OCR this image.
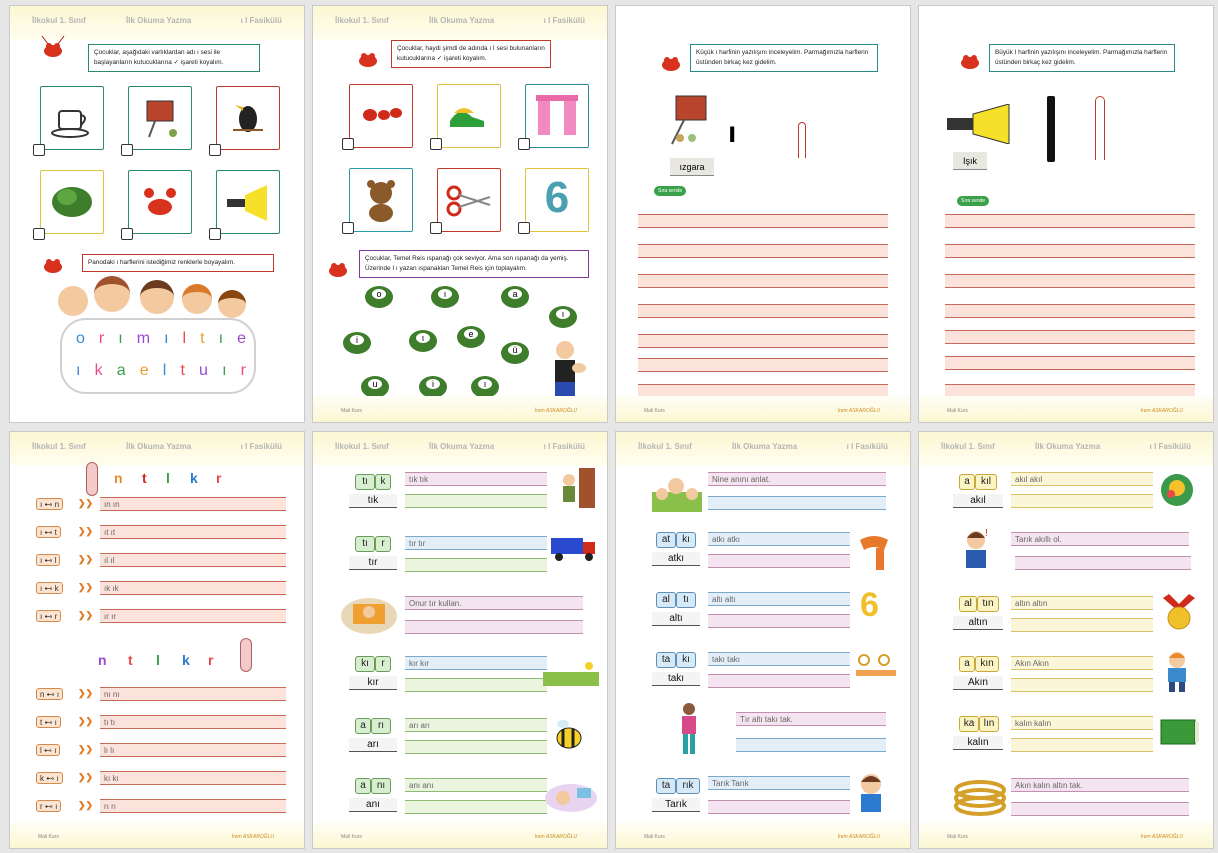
İlkokul 1. Sınıf	İlk Okuma Yazma	ı I Fasikülü
Çocuklar, aşağıdaki varlıklardan adı ı sesi ile başlayanların kutucuklarına ✓ işareti koyalım.
Panodaki ı harflerini istediğimiz renklerle boyayalım.
o r ı m ı l t ı e
ı k a e l t u ı r
İlkokul 1. Sınıf	İlk Okuma Yazma	ı I Fasikülü
Çocuklar, haydi şimdi de adında ı I sesi bulunanların kutucuklarına ✓ işareti koyalım.
6
Çocuklar, Temel Reis ıspanağı çok seviyor. Ama son ıspanağı da yemiş. Üzerinde I ı yazan ıspanakları Temel Reis için toplayalım.
o	ı	a
ı
i	ı	e
ü
u	i	ı
Mali Kurs	İrem ASKAROĞLU
Küçük ı harfinin yazılışını inceleyelim. Parmağımızla harflerin üstünden birkaç kez gidelim.
ızgara
ı
Sıra sende
Mali Kurs	İrem ASKAROĞLU
Büyük I harfinin yazılışını inceleyelim. Parmağımızla harflerin üstünden birkaç kez gidelim.
Işık
Sıra sende
Mali Kurs	İrem ASKAROĞLU
İlkokul 1. Sınıf	İlk Okuma Yazma	ı I Fasikülü
n t l k r
ı ⊷ n	❯❯	ın ın
ı ⊷ t	❯❯	ıt ıt
ı ⊷ l	❯❯	ıl ıl
ı ⊷ k	❯❯	ık ık
ı ⊷ r	❯❯	ır ır
n t l k r
n ⊷ ı	❯❯	nı nı
t ⊷ ı	❯❯	tı tı
l ⊷ ı	❯❯	lı lı
k ⊷ ı	❯❯	kı kı
r ⊷ ı	❯❯	rı rı
Mali Kurs	İrem ASKAROĞLU
İlkokul 1. Sınıf	İlk Okuma Yazma	ı I Fasikülü
tı	k
tık
tık tık
tı	r
tır
tır tır
Onur tır kullan.
kı	r
kır
kır kır
a	rı
arı
arı arı
a	nı
anı
anı anı
Mali Kurs	İrem ASKAROĞLU
İlkokul 1. Sınıf	İlk Okuma Yazma	ı I Fasikülü
Nine anını anlat.
at	kı
atkı
atkı atkı
al	tı
altı
altı altı	6
ta	kı
takı
takı takı
Tır altı takı tak.
ta	rık
Tarık
Tarık Tarık
Mali Kurs	İrem ASKAROĞLU
İlkokul 1. Sınıf	İlk Okuma Yazma	ı I Fasikülü
a	kıl
akıl
akıl akıl
!
Tarık akıllı ol.
al	tın
altın
altın altın
a	kın
Akın
Akın Akın
ka lın
kalın
kalın kalın
Akın kalın altın tak.
Mali Kurs	İrem ASKAROĞLU
